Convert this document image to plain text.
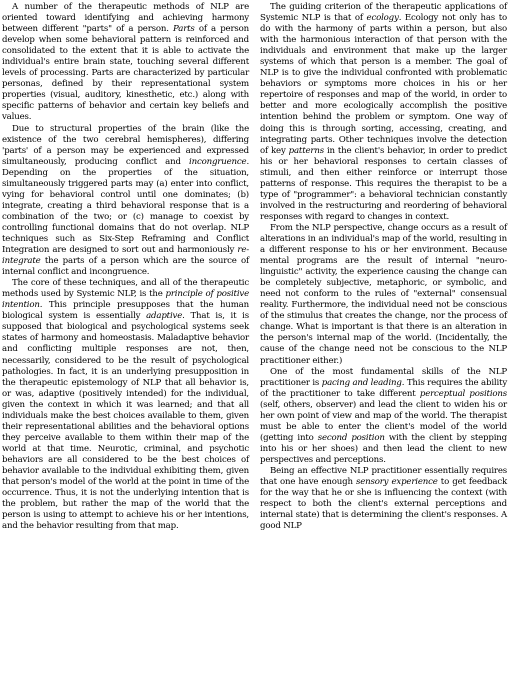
A number of the therapeutic methods of NLP are oriented toward identifying and achieving harmony between different "parts" of a person. Parts of a person develop when some behavioral pattern is reinforced and consolidated to the extent that it is able to activate the individual's entire brain state, touching several different levels of processing. Parts are characterized by particular personas, defined by their representational system properties (visual, auditory, kinesthetic, etc.) along with specific patterns of behavior and certain key beliefs and values.

Due to structural properties of the brain (like the existence of the two cerebral hemispheres), differing 'parts' of a person may be experienced and expressed simultaneously, producing conflict and incongruence. Depending on the properties of the situation, simultaneously triggered parts may (a) enter into conflict, vying for behavioral control until one dominates; (b) integrate, creating a third behavioral response that is a combination of the two; or (c) manage to coexist by controlling functional domains that do not overlap. NLP techniques such as Six-Step Reframing and Conflict Integration are designed to sort out and harmoniously re-integrate the parts of a person which are the source of internal conflict and incongruence.

The core of these techniques, and all of the therapeutic methods used by Systemic NLP, is the principle of positive intention. This principle presupposes that the human biological system is essentially adaptive. That is, it is supposed that biological and psychological systems seek states of harmony and homeostasis. Maladaptive behavior and conflicting multiple responses are not, then, necessarily, considered to be the result of psychological pathologies. In fact, it is an underlying presupposition in the therapeutic epistemology of NLP that all behavior is, or was, adaptive (positively intended) for the individual, given the context in which it was learned; and that all individuals make the best choices available to them, given their representational abilities and the behavioral options they perceive available to them within their map of the world at that time. Neurotic, criminal, and psychotic behaviors are all considered to be the best choices of behavior available to the individual exhibiting them, given that person's model of the world at the point in time of the occurrence. Thus, it is not the underlying intention that is the problem, but rather the map of the world that the person is using to attempt to achieve his or her intentions, and the behavior resulting from that map.

The guiding criterion of the therapeutic applications of Systemic NLP is that of ecology. Ecology not only has to do with the harmony of parts within a person, but also with the harmonious interaction of that person with the individuals and environment that make up the larger systems of which that person is a member. The goal of NLP is to give the individual confronted with problematic behaviors or symptoms more choices in his or her repertoire of responses and map of the world, in order to better and more ecologically accomplish the positive intention behind the problem or symptom. One way of doing this is through sorting, accessing, creating, and integrating parts. Other techniques involve the detection of key patterns in the client's behavior, in order to predict his or her behavioral responses to certain classes of stimuli, and then either reinforce or interrupt those patterns of response. This requires the therapist to be a type of "programmer": a behavioral technician constantly involved in the restructuring and reordering of behavioral responses with regard to changes in context.

From the NLP perspective, change occurs as a result of alterations in an individual's map of the world, resulting in a different response to his or her environment. Because mental programs are the result of internal "neuro-linguistic" activity, the experience causing the change can be completely subjective, metaphoric, or symbolic, and need not conform to the rules of "external" consensual reality. Furthermore, the individual need not be conscious of the stimulus that creates the change, nor the process of change. What is important is that there is an alteration in the person's internal map of the world. (Incidentally, the cause of the change need not be conscious to the NLP practitioner either.)

One of the most fundamental skills of the NLP practitioner is pacing and leading. This requires the ability of the practitioner to take different perceptual positions (self, others, observer) and lead the client to widen his or her own point of view and map of the world. The therapist must be able to enter the client's model of the world (getting into second position with the client by stepping into his or her shoes) and then lead the client to new perspectives and perceptions.

Being an effective NLP practitioner essentially requires that one have enough sensory experience to get feedback for the way that he or she is influencing the context (with respect to both the client's external perceptions and internal state) that is determining the client's responses. A good NLP
